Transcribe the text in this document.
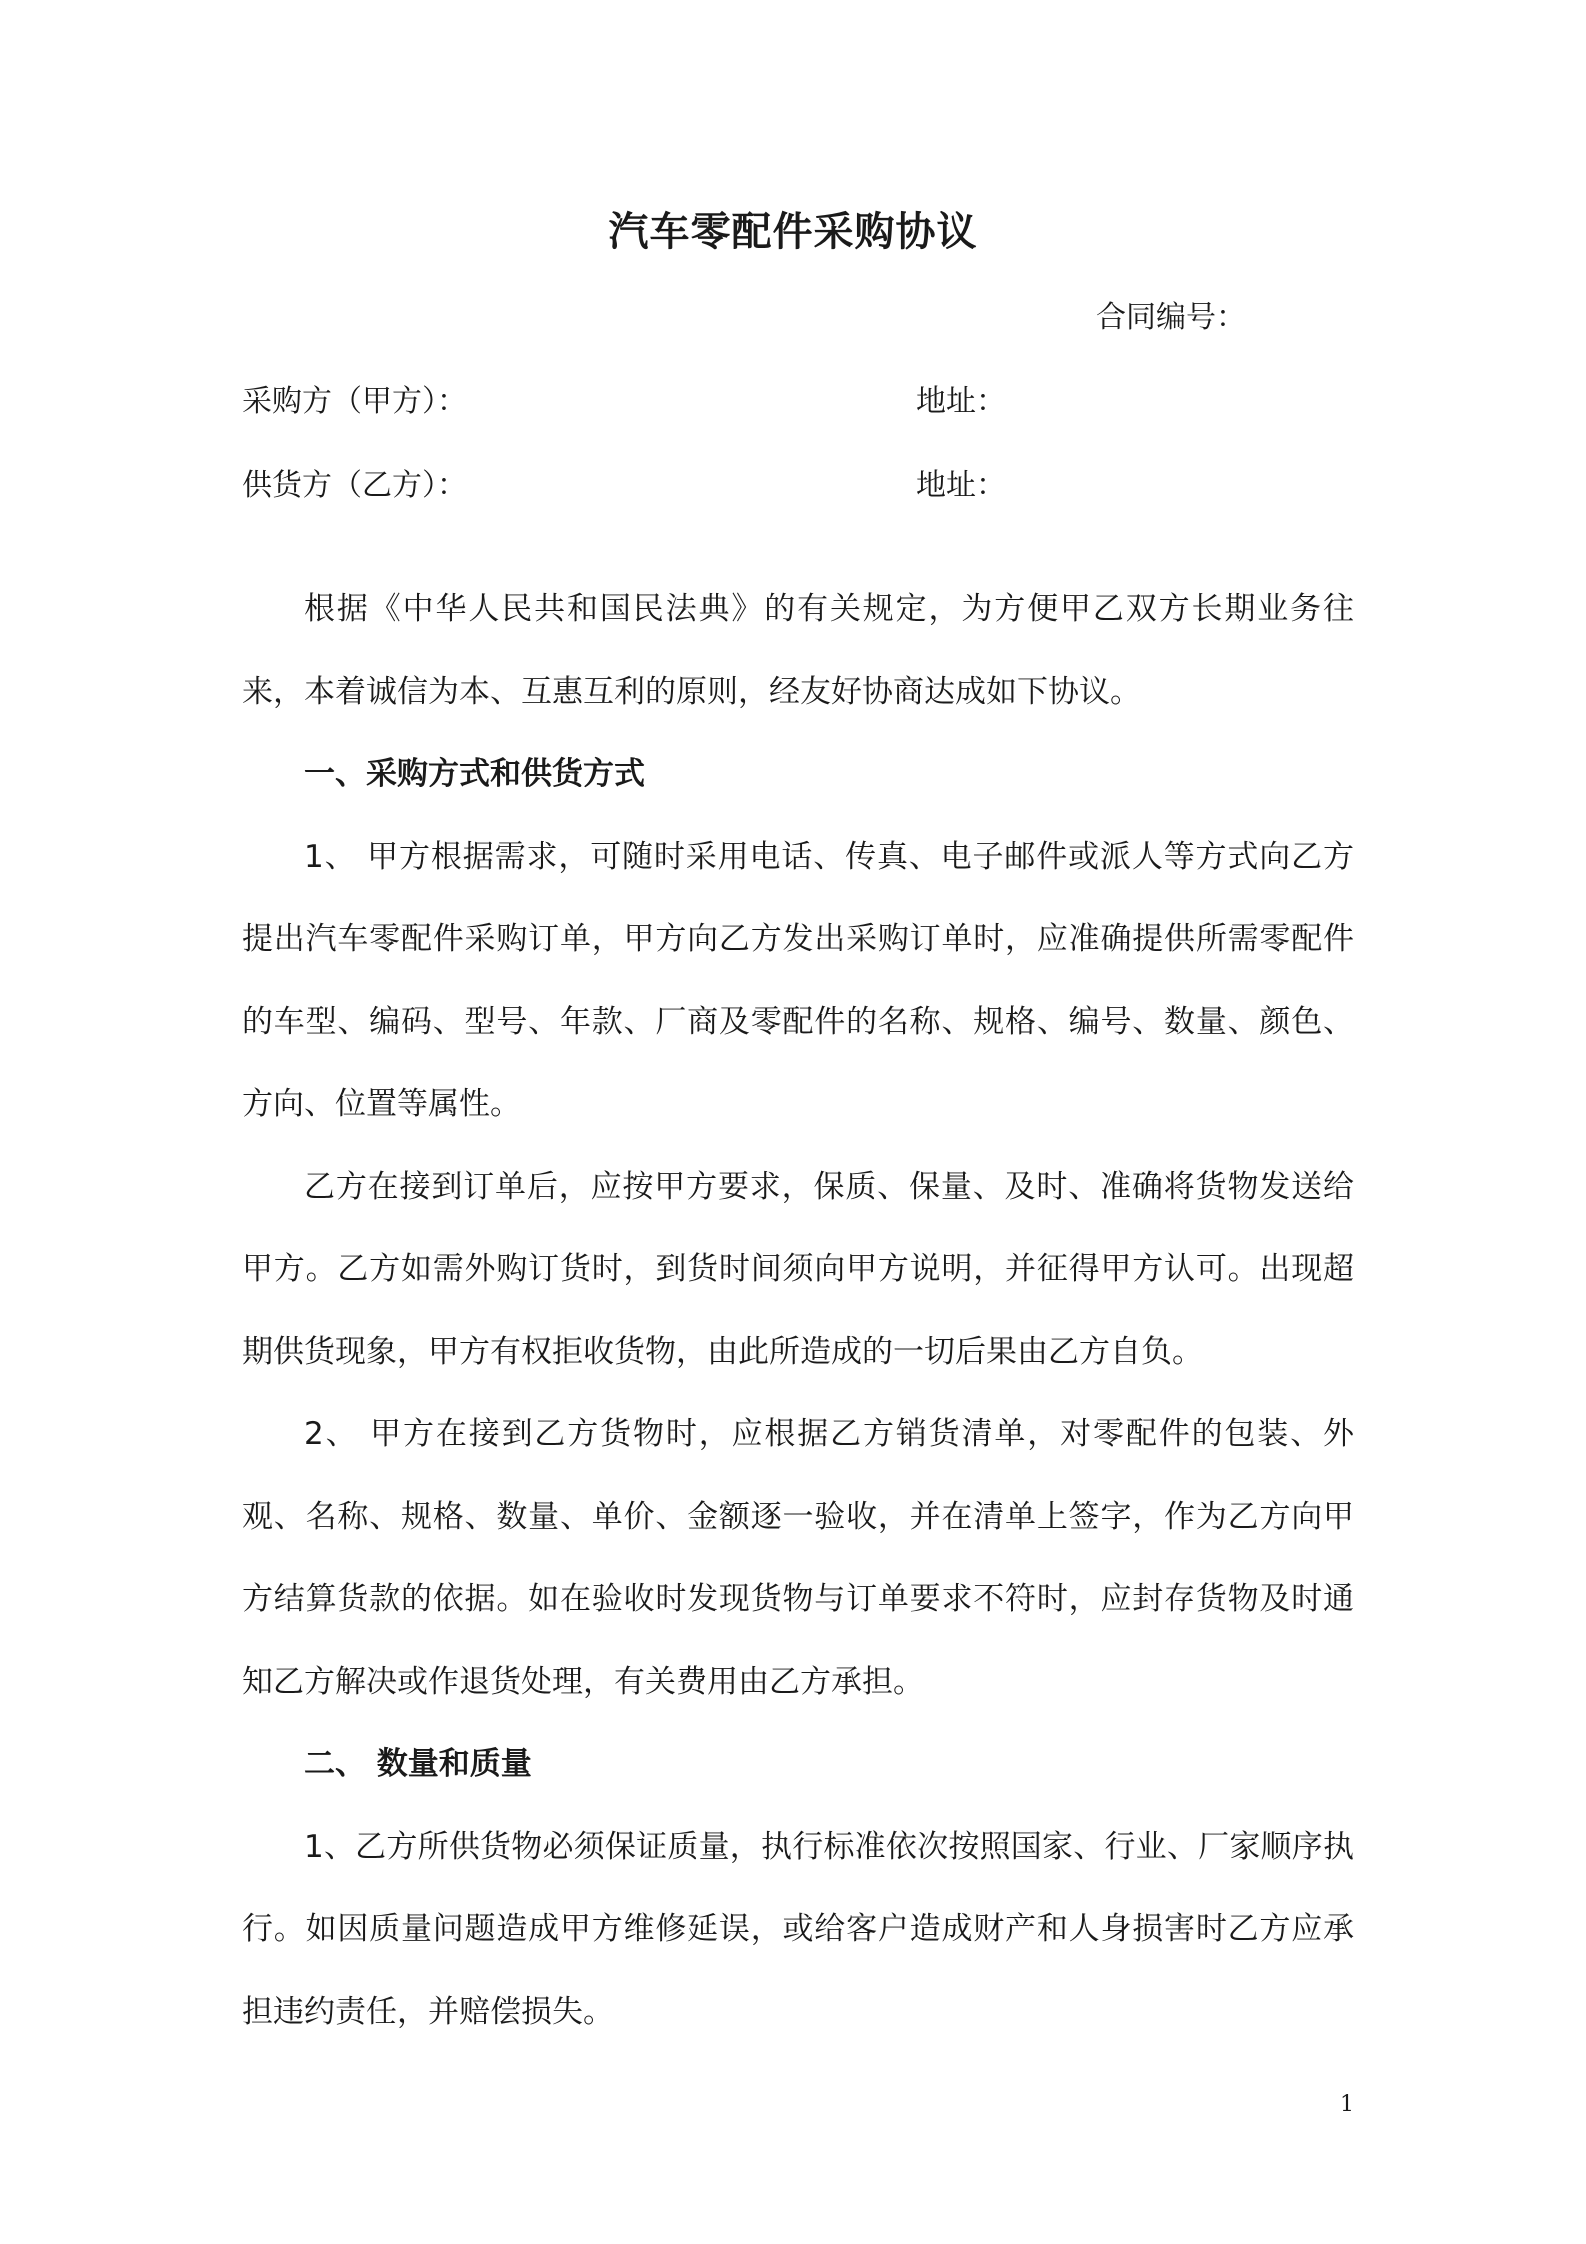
汽车零配件采购协议
合同编号：
采购方（甲方）：	地址：
供货方（乙方）：	地址：

根据《中华人民共和国民法典》的有关规定，为方便甲乙双方长期业务往来，本着诚信为本、互惠互利的原则，经友好协商达成如下协议。

一、采购方式和供货方式

1、 甲方根据需求，可随时采用电话、传真、电子邮件或派人等方式向乙方提出汽车零配件采购订单，甲方向乙方发出采购订单时，应准确提供所需零配件的车型、编码、型号、年款、厂商及零配件的名称、规格、编号、数量、颜色、方向、位置等属性。

乙方在接到订单后，应按甲方要求，保质、保量、及时、准确将货物发送给甲方。乙方如需外购订货时，到货时间须向甲方说明，并征得甲方认可。出现超期供货现象，甲方有权拒收货物，由此所造成的一切后果由乙方自负。

2、 甲方在接到乙方货物时，应根据乙方销货清单，对零配件的包装、外观、名称、规格、数量、单价、金额逐一验收，并在清单上签字，作为乙方向甲方结算货款的依据。如在验收时发现货物与订单要求不符时，应封存货物及时通知乙方解决或作退货处理，有关费用由乙方承担。

二、 数量和质量

1、乙方所供货物必须保证质量，执行标准依次按照国家、行业、厂家顺序执行。如因质量问题造成甲方维修延误，或给客户造成财产和人身损害时乙方应承担违约责任，并赔偿损失。

1
